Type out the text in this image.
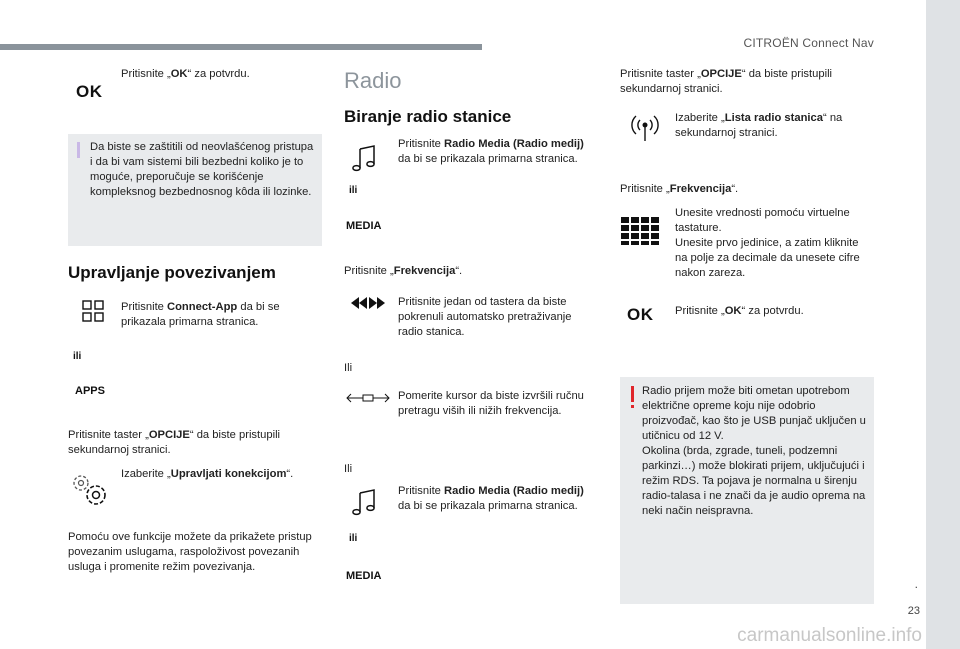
CITROËN Connect Nav
.
23
carmanualsonline.info
OK
Pritisnite „OK“ za potvrdu.
Da biste se zaštitili od neovlašćenog pristupa i da bi vam sistemi bili bezbedni koliko je to moguće, preporučuje se korišćenje kompleksnog bezbednosnog kôda ili lozinke.
Upravljanje povezivanjem
Pritisnite Connect-App da bi se prikazala primarna stranica.
ili
APPS
Pritisnite taster „OPCIJE“ da biste pristupili sekundarnoj stranici.
Izaberite „Upravljati konekcijom“.
Pomoću ove funkcije možete da prikažete pristup povezanim uslugama, raspoloživost povezanih usluga i promenite režim povezivanja.
Radio
Biranje radio stanice
Pritisnite Radio Media (Radio medij) da bi se prikazala primarna stranica.
ili
MEDIA
Pritisnite „Frekvencija“.
Pritisnite jedan od tastera da biste pokrenuli automatsko pretraživanje radio stanica.
Ili
Pomerite kursor da biste izvršili ručnu pretragu viših ili nižih frekvencija.
Ili
Pritisnite Radio Media (Radio medij) da bi se prikazala primarna stranica.
ili
MEDIA
Pritisnite taster „OPCIJE“ da biste pristupili sekundarnoj stranici.
Izaberite „Lista radio stanica“ na sekundarnoj stranici.
Pritisnite „Frekvencija“.
Unesite vrednosti pomoću virtuelne tastature.
Unesite prvo jedinice, a zatim kliknite na polje za decimale da unesete cifre nakon zareza.
OK Pritisnite „OK“ za potvrdu.
Radio prijem može biti ometan upotrebom električne opreme koju nije odobrio proizvođač, kao što je USB punjač uključen u utičnicu od 12 V.
Okolina (brda, zgrade, tuneli, podzemni parkinzi…) može blokirati prijem, uključujući i režim RDS. Ta pojava je normalna u širenju radio-talasa i ne znači da je audio oprema na neki način neispravna.
